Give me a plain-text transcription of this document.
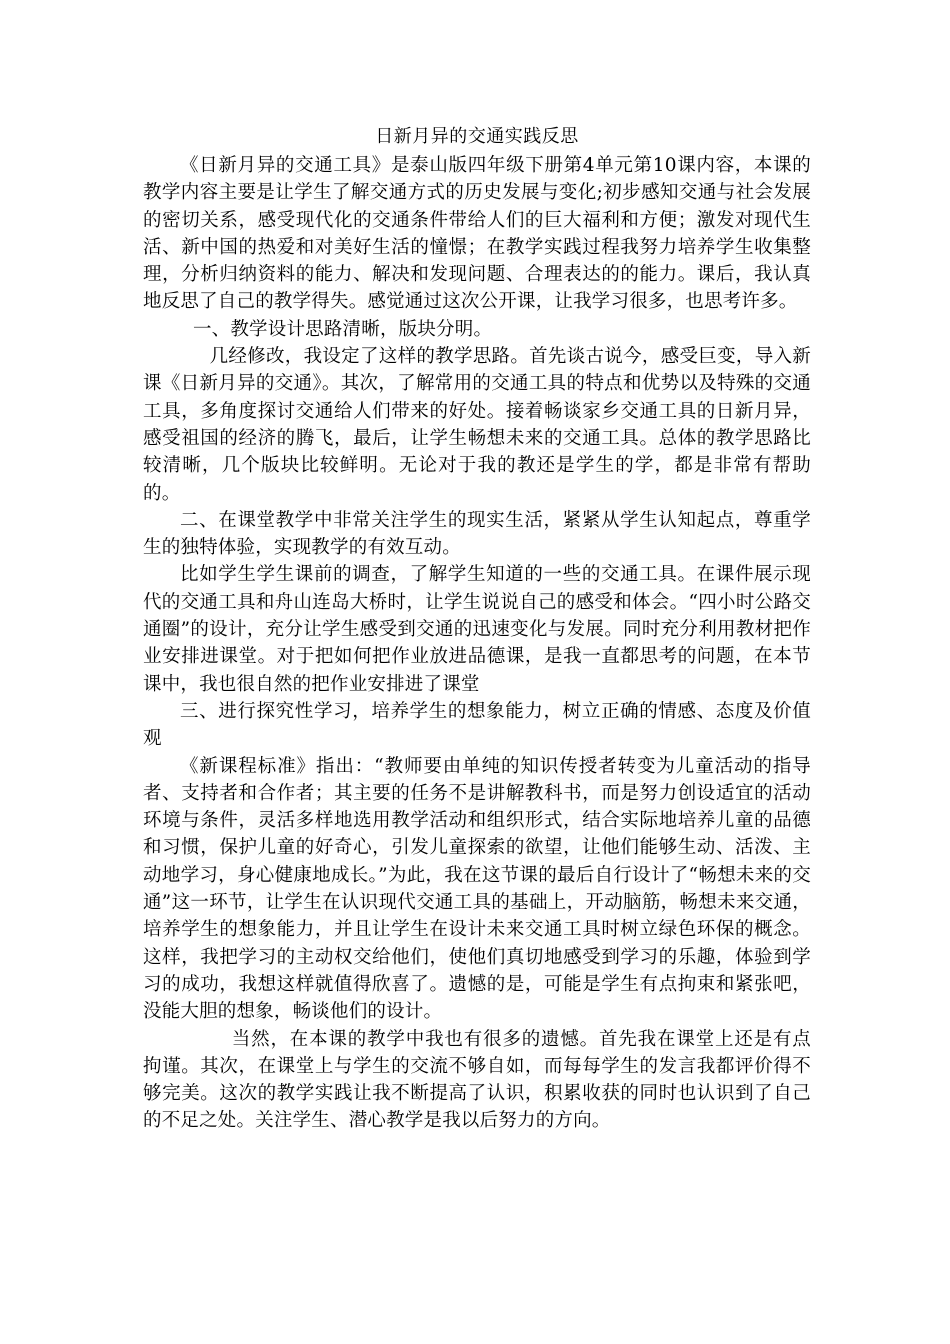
日新月异的交通实践反思

《日新月异的交通工具》是泰山版四年级下册第4单元第10课内容，本课的教学内容主要是让学生了解交通方式的历史发展与变化;初步感知交通与社会发展的密切关系，感受现代化的交通条件带给人们的巨大福利和方便；激发对现代生活、新中国的热爱和对美好生活的憧憬；在教学实践过程我努力培养学生收集整理，分析归纳资料的能力、解决和发现问题、合理表达的的能力。课后，我认真地反思了自己的教学得失。感觉通过这次公开课，让我学习很多，也思考许多。

一、教学设计思路清晰，版块分明。

几经修改，我设定了这样的教学思路。首先谈古说今，感受巨变，导入新课《日新月异的交通》。其次，了解常用的交通工具的特点和优势以及特殊的交通工具，多角度探讨交通给人们带来的好处。接着畅谈家乡交通工具的日新月异，感受祖国的经济的腾飞，最后，让学生畅想未来的交通工具。总体的教学思路比较清晰，几个版块比较鲜明。无论对于我的教还是学生的学，都是非常有帮助的。

二、在课堂教学中非常关注学生的现实生活，紧紧从学生认知起点，尊重学生的独特体验，实现教学的有效互动。

比如学生学生课前的调查，了解学生知道的一些的交通工具。在课件展示现代的交通工具和舟山连岛大桥时，让学生说说自己的感受和体会。“四小时公路交通圈”的设计，充分让学生感受到交通的迅速变化与发展。同时充分利用教材把作业安排进课堂。对于把如何把作业放进品德课，是我一直都思考的问题，在本节课中，我也很自然的把作业安排进了课堂

三、进行探究性学习，培养学生的想象能力，树立正确的情感、态度及价值观

《新课程标准》指出：“教师要由单纯的知识传授者转变为儿童活动的指导者、支持者和合作者；其主要的任务不是讲解教科书，而是努力创设适宜的活动环境与条件，灵活多样地选用教学活动和组织形式，结合实际地培养儿童的品德和习惯，保护儿童的好奇心，引发儿童探索的欲望，让他们能够生动、活泼、主动地学习，身心健康地成长。”为此，我在这节课的最后自行设计了“畅想未来的交通”这一环节，让学生在认识现代交通工具的基础上，开动脑筋，畅想未来交通，培养学生的想象能力，并且让学生在设计未来交通工具时树立绿色环保的概念。这样，我把学习的主动权交给他们，使他们真切地感受到学习的乐趣，体验到学习的成功，我想这样就值得欣喜了。遗憾的是，可能是学生有点拘束和紧张吧，没能大胆的想象，畅谈他们的设计。

当然，在本课的教学中我也有很多的遗憾。首先我在课堂上还是有点拘谨。其次，在课堂上与学生的交流不够自如，而每每学生的发言我都评价得不够完美。这次的教学实践让我不断提高了认识，积累收获的同时也认识到了自己的不足之处。关注学生、潜心教学是我以后努力的方向。
